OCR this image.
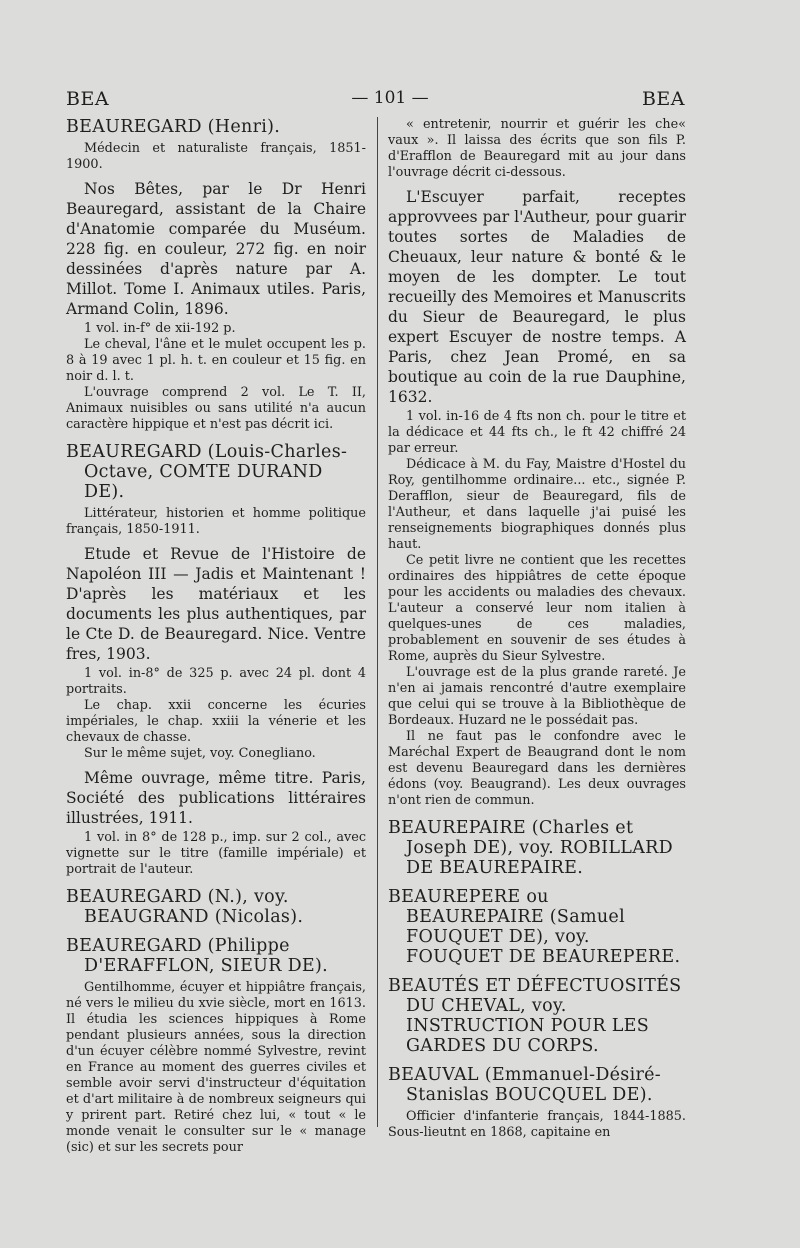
BEA	— 101 —	BEA

BEAUREGARD (Henri).

Médecin et naturaliste français, 1851-1900.

Nos Bêtes, par le Dr Henri Beauregard, assistant de la Chaire d'Anatomie comparée du Muséum. 228 fig. en couleur, 272 fig. en noir dessinées d'après nature par A. Millot. Tome I. Animaux utiles. Paris, Armand Colin, 1896.

1 vol. in-f° de xii-192 p.

Le cheval, l'âne et le mulet occupent les p. 8 à 19 avec 1 pl. h. t. en couleur et 15 fig. en noir d. l. t.

L'ouvrage comprend 2 vol. Le T. II, Animaux nuisibles ou sans utilité n'a aucun caractère hippique et n'est pas décrit ici.

BEAUREGARD (Louis-Charles-Octave, COMTE DURAND DE).

Littérateur, historien et homme politique français, 1850-1911.

Etude et Revue de l'Histoire de Napoléon III — Jadis et Maintenant ! D'après les matériaux et les documents les plus authentiques, par le Cte D. de Beauregard. Nice. Ventre fres, 1903.

1 vol. in-8° de 325 p. avec 24 pl. dont 4 portraits.

Le chap. xxii concerne les écuries impériales, le chap. xxiii la vénerie et les chevaux de chasse.

Sur le même sujet, voy. Conegliano.

Même ouvrage, même titre. Paris, Société des publications littéraires illustrées, 1911.

1 vol. in 8° de 128 p., imp. sur 2 col., avec vignette sur le titre (famille impériale) et portrait de l'auteur.

BEAUREGARD (N.), voy. BEAUGRAND (Nicolas).

BEAUREGARD (Philippe D'ERAFFLON, SIEUR DE).

Gentilhomme, écuyer et hippiâtre français, né vers le milieu du xvie siècle, mort en 1613. Il étudia les sciences hippiques à Rome pendant plusieurs années, sous la direction d'un écuyer célèbre nommé Sylvestre, revint en France au moment des guerres civiles et semble avoir servi d'instructeur d'équitation et d'art militaire à de nombreux seigneurs qui y prirent part. Retiré chez lui, « tout « le monde venait le consulter sur le « manage (sic) et sur les secrets pour

« entretenir, nourrir et guérir les che« vaux ». Il laissa des écrits que son fils P. d'Erafflon de Beauregard mit au jour dans l'ouvrage décrit ci-dessous.

L'Escuyer parfait, receptes approvvees par l'Autheur, pour guarir toutes sortes de Maladies de Cheuaux, leur nature & bonté & le moyen de les dompter. Le tout recueilly des Memoires et Manuscrits du Sieur de Beauregard, le plus expert Escuyer de nostre temps. A Paris, chez Jean Promé, en sa boutique au coin de la rue Dauphine, 1632.

1 vol. in-16 de 4 fts non ch. pour le titre et la dédicace et 44 fts ch., le ft 42 chiffré 24 par erreur.

Dédicace à M. du Fay, Maistre d'Hostel du Roy, gentilhomme ordinaire... etc., signée P. Derafflon, sieur de Beauregard, fils de l'Autheur, et dans laquelle j'ai puisé les renseignements biographiques donnés plus haut.

Ce petit livre ne contient que les recettes ordinaires des hippiâtres de cette époque pour les accidents ou maladies des chevaux. L'auteur a conservé leur nom italien à quelques-unes de ces maladies, probablement en souvenir de ses études à Rome, auprès du Sieur Sylvestre.

L'ouvrage est de la plus grande rareté. Je n'en ai jamais rencontré d'autre exemplaire que celui qui se trouve à la Bibliothèque de Bordeaux. Huzard ne le possédait pas.

Il ne faut pas le confondre avec le Maréchal Expert de Beaugrand dont le nom est devenu Beauregard dans les dernières édons (voy. Beaugrand). Les deux ouvrages n'ont rien de commun.

BEAUREPAIRE (Charles et Joseph DE), voy. ROBILLARD DE BEAUREPAIRE.

BEAUREPERE ou BEAUREPAIRE (Samuel FOUQUET DE), voy. FOUQUET DE BEAUREPERE.

BEAUTÉS ET DÉFECTUOSITÉS DU CHEVAL, voy. INSTRUCTION POUR LES GARDES DU CORPS.

BEAUVAL (Emmanuel-Désiré-Stanislas BOUCQUEL DE).

Officier d'infanterie français, 1844-1885. Sous-lieutnt en 1868, capitaine en
